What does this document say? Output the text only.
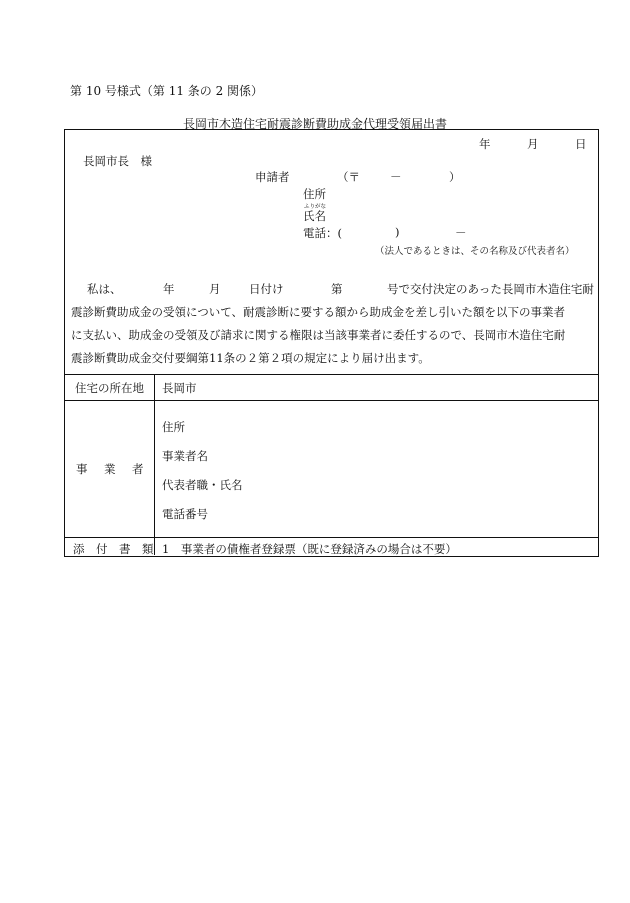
第 10 号様式（第 11 条の 2 関係）
長岡市木造住宅耐震診断費助成金代理受領届出書
年	月	日
長岡市長　様
申請者	（〒	－	）
住所
ふりがな
氏名
電話：(	)	－
（法人であるときは、その名称及び代表者名）
私は、	年	月 日付け	第	号で交付決定のあった長岡市木造住宅耐
震診断費助成金の受領について、耐震診断に要する額から助成金を差し引いた額を以下の事業者
に支払い、助成金の受領及び請求に関する権限は当該事業者に委任するので、長岡市木造住宅耐
震診断費助成金交付要綱第11条の２第２項の規定により届け出ます。
住宅の所在地 長岡市
事 業 者
住所
事業者名
代表者職・氏名
電話番号
添　付　書　類 1　事業者の債権者登録票（既に登録済みの場合は不要）
